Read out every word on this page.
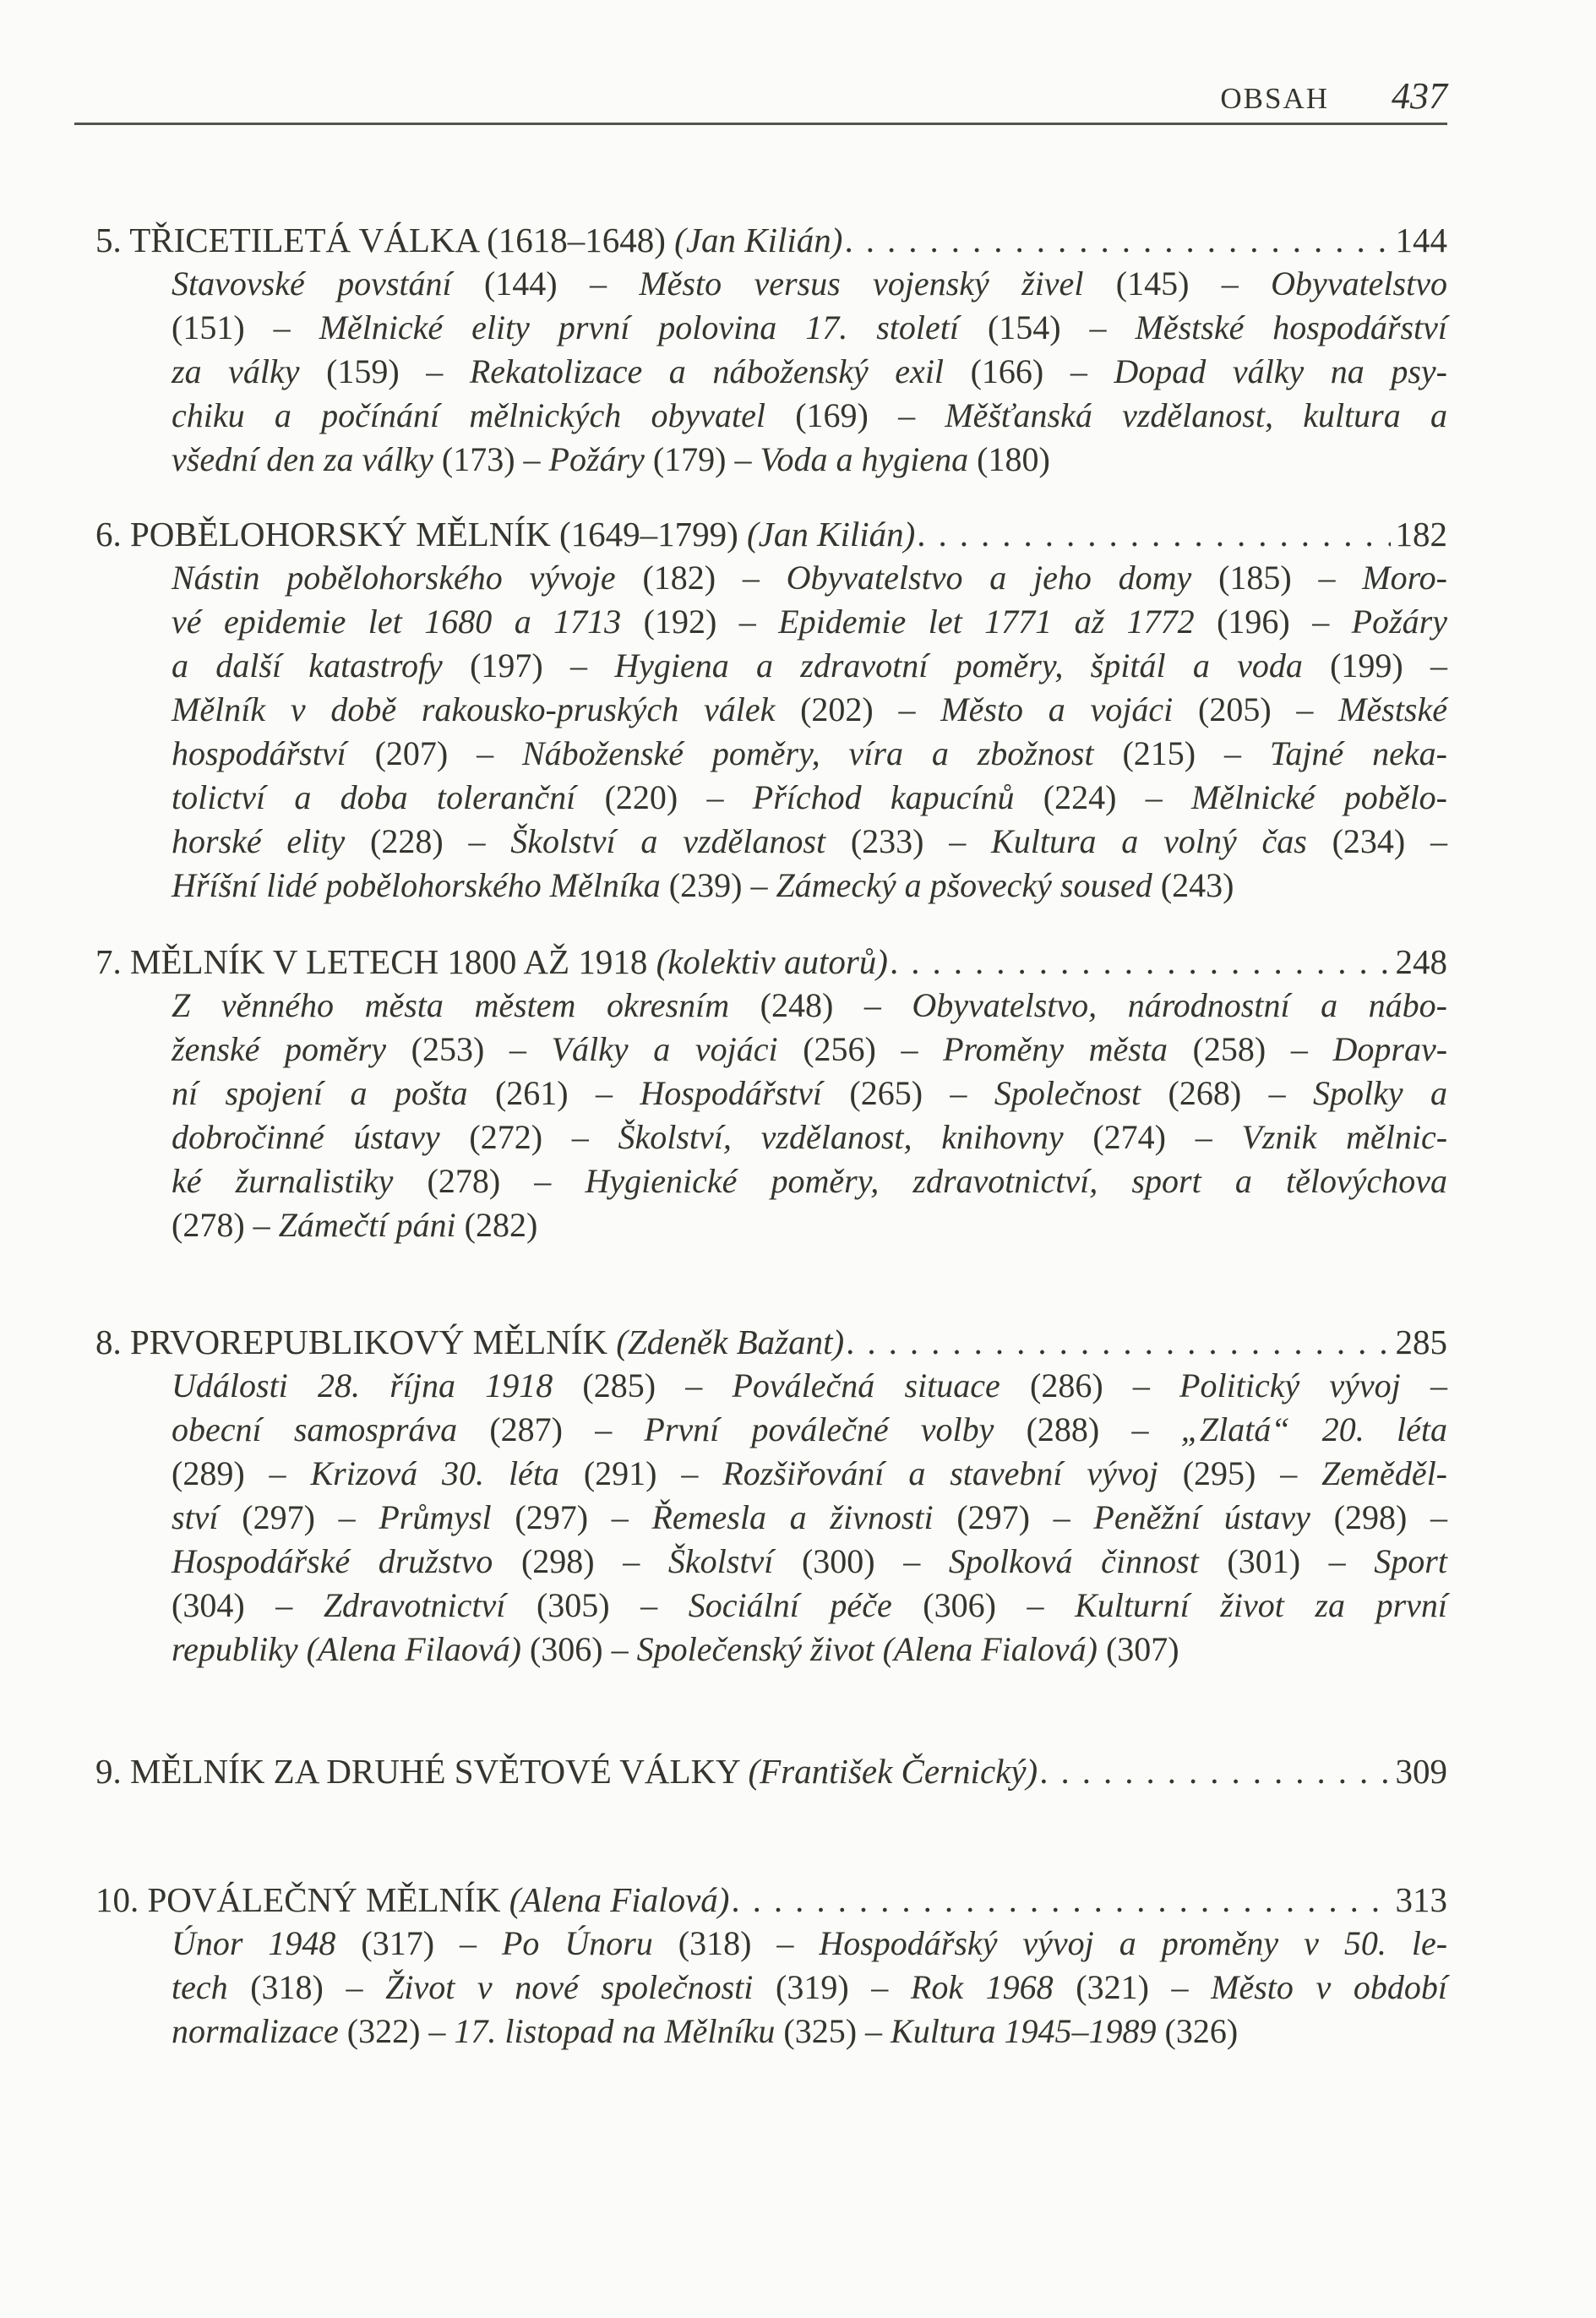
OBSAH 437
5. TŘICETILETÁ VÁLKA (1618–1648) (Jan Kilián) .....	144
Stavovské povstání (144) – Město versus vojenský živel (145) – Obyvatelstvo
(151) – Mělnické elity první polovina 17. století (154) – Městské hospodářství
za války (159) – Rekatolizace a náboženský exil (166) – Dopad války na psy-
chiku a počínání mělnických obyvatel (169) – Měšťanská vzdělanost, kultura a
všední den za války (173) – Požáry (179) – Voda a hygiena (180)
6. POBĚLOHORSKÝ MĚLNÍK (1649–1799) (Jan Kilián) .....	182
Nástin pobělohorského vývoje (182) – Obyvatelstvo a jeho domy (185) – Moro-
vé epidemie let 1680 a 1713 (192) – Epidemie let 1771 až 1772 (196) – Požáry
a další katastrofy (197) – Hygiena a zdravotní poměry, špitál a voda (199) –
Mělník v době rakousko-pruských válek (202) – Město a vojáci (205) – Městské
hospodářství (207) – Náboženské poměry, víra a zbožnost (215) – Tajné neka-
tolictví a doba toleranční (220) – Příchod kapucínů (224) – Mělnické pobělo-
horské elity (228) – Školství a vzdělanost (233) – Kultura a volný čas (234) –
Hříšní lidé pobělohorského Mělníka (239) – Zámecký a pšovecký soused (243)
7. MĚLNÍK V LETECH 1800 AŽ 1918 (kolektiv autorů) .....	248
Z věnného města městem okresním (248) – Obyvatelstvo, národnostní a nábo-
ženské poměry (253) – Války a vojáci (256) – Proměny města (258) – Doprav-
ní spojení a pošta (261) – Hospodářství (265) – Společnost (268) – Spolky a
dobročinné ústavy (272) – Školství, vzdělanost, knihovny (274) – Vznik mělnic-
ké žurnalistiky (278) – Hygienické poměry, zdravotnictví, sport a tělovýchova
(278) – Zámečtí páni (282)
8. PRVOREPUBLIKOVÝ MĚLNÍK (Zdeněk Bažant) .....	285
Události 28. října 1918 (285) – Poválečná situace (286) – Politický vývoj –
obecní samospráva (287) – První poválečné volby (288) – „Zlatá“ 20. léta
(289) – Krizová 30. léta (291) – Rozšiřování a stavební vývoj (295) – Zeměděl-
ství (297) – Průmysl (297) – Řemesla a živnosti (297) – Peněžní ústavy (298) –
Hospodářské družstvo (298) – Školství (300) – Spolková činnost (301) – Sport
(304) – Zdravotnictví (305) – Sociální péče (306) – Kulturní život za první
republiky (Alena Filaová) (306) – Společenský život (Alena Fialová) (307)
9. MĚLNÍK ZA DRUHÉ SVĚTOVÉ VÁLKY (František Černický) .....	309
10. POVÁLEČNÝ MĚLNÍK (Alena Fialová) .....	313
Únor 1948 (317) – Po Únoru (318) – Hospodářský vývoj a proměny v 50. le-
tech (318) – Život v nové společnosti (319) – Rok 1968 (321) – Město v období
normalizace (322) – 17. listopad na Mělníku (325) – Kultura 1945–1989 (326)
